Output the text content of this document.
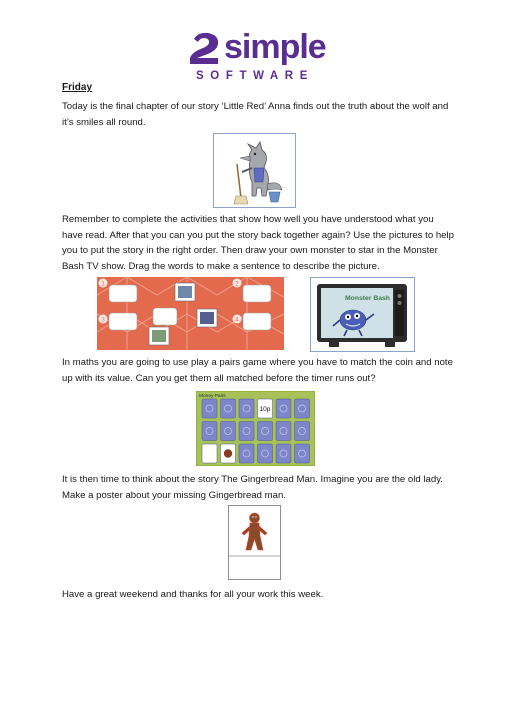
simple
SOFTWARE
Friday

Today is the final chapter of our story ‘Little Red’ Anna finds out the truth about the wolf and it’s smiles all round.

Remember to complete the activities that show how well you have understood what you have read. After that you can you put the story back together again? Use the pictures to help you to put the story in the right order. Then draw your own monster to star in the Monster Bash TV show. Drag the words to make a sentence to describe the picture.

1
3
2
4
Monster Bash

In maths you are going to use play a pairs game where you have to match the coin and note up with its value. Can you get them all matched before the timer runs out?

Money Pairs
10p

It is then time to think about the story The Gingerbread Man. Imagine you are the old lady. Make a poster about your missing Gingerbread man.

Have a great weekend and thanks for all your work this week.
